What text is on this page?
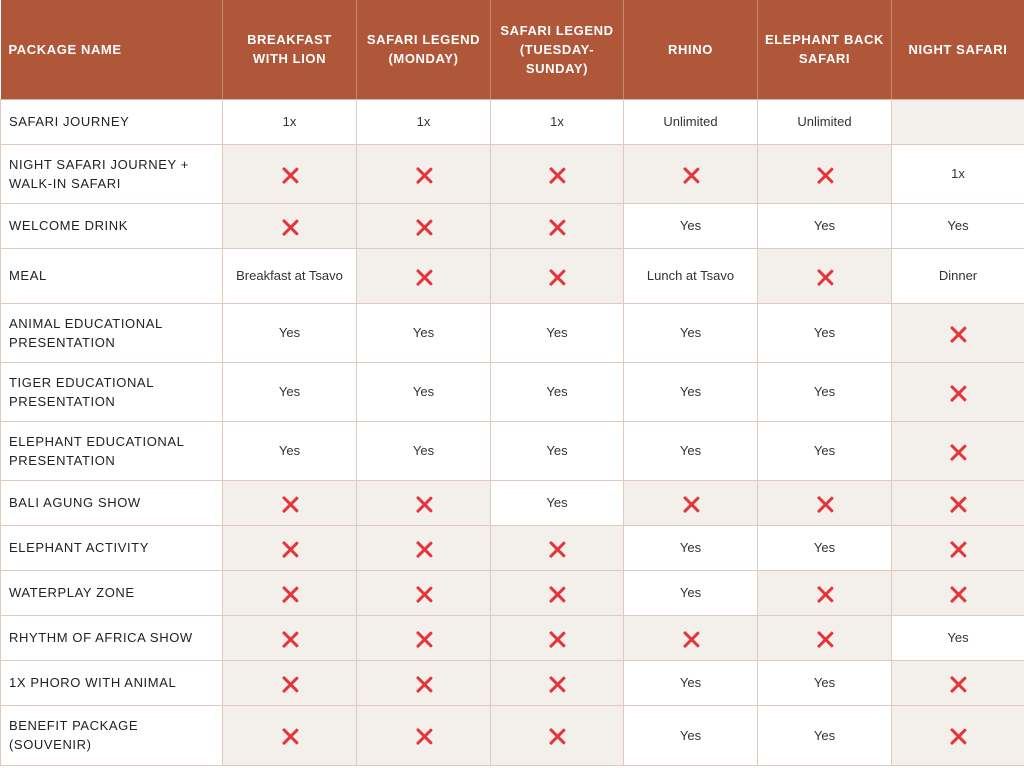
PACKAGE NAME	BREAKFAST WITH LION	SAFARI LEGEND (MONDAY)	SAFARI LEGEND (TUESDAY-SUNDAY)	RHINO	ELEPHANT BACK SAFARI	NIGHT SAFARI
SAFARI JOURNEY	1x	1x	1x	Unlimited	Unlimited	
NIGHT SAFARI JOURNEY + WALK-IN SAFARI						1x
WELCOME DRINK				Yes	Yes	Yes
MEAL	Breakfast at Tsavo			Lunch at Tsavo		Dinner
ANIMAL EDUCATIONAL PRESENTATION	Yes	Yes	Yes	Yes	Yes	
TIGER EDUCATIONAL PRESENTATION	Yes	Yes	Yes	Yes	Yes	
ELEPHANT EDUCATIONAL PRESENTATION	Yes	Yes	Yes	Yes	Yes	
BALI AGUNG SHOW			Yes			
ELEPHANT ACTIVITY				Yes	Yes	
WATERPLAY ZONE				Yes		
RHYTHM OF AFRICA SHOW						Yes
1X PHORO WITH ANIMAL				Yes	Yes	
BENEFIT PACKAGE (SOUVENIR)				Yes	Yes	
